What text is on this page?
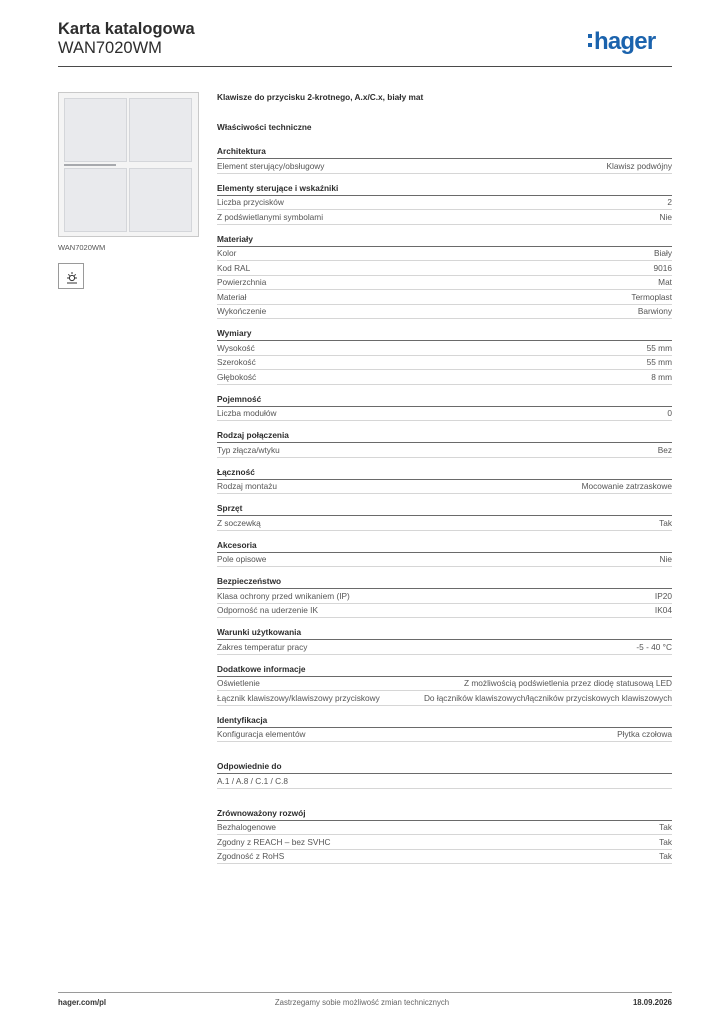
Karta katalogowa
WAN7020WM	hager
WAN7020WM
Klawisze do przycisku 2-krotnego, A.x/C.x, biały mat
Właściwości techniczne
Architektura
Element sterujący/obsługowy	Klawisz podwójny
Elementy sterujące i wskaźniki
Liczba przycisków	2
Z podświetlanymi symbolami	Nie
Materiały
Kolor	Biały
Kod RAL	9016
Powierzchnia	Mat
Materiał	Termoplast
Wykończenie	Barwiony
Wymiary
Wysokość	55 mm
Szerokość	55 mm
Głębokość	8 mm
Pojemność
Liczba modułów	0
Rodzaj połączenia
Typ złącza/wtyku	Bez
Łączność
Rodzaj montażu	Mocowanie zatrzaskowe
Sprzęt
Z soczewką	Tak
Akcesoria
Pole opisowe	Nie
Bezpieczeństwo
Klasa ochrony przed wnikaniem (IP)	IP20
Odporność na uderzenie IK	IK04
Warunki użytkowania
Zakres temperatur pracy	-5 - 40 °C
Dodatkowe informacje
Oświetlenie	Z możliwością podświetlenia przez diodę statusową LED
Łącznik klawiszowy/klawiszowy przyciskowy	Do łączników klawiszowych/łączników przyciskowych klawiszowych
Identyfikacja
Konfiguracja elementów	Płytka czołowa
Odpowiednie do
A.1 / A.8 / C.1 / C.8
Zrównoważony rozwój
Bezhalogenowe	Tak
Zgodny z REACH – bez SVHC	Tak
Zgodność z RoHS	Tak
hager.com/pl	Zastrzegamy sobie możliwość zmian technicznych	18.09.2026
